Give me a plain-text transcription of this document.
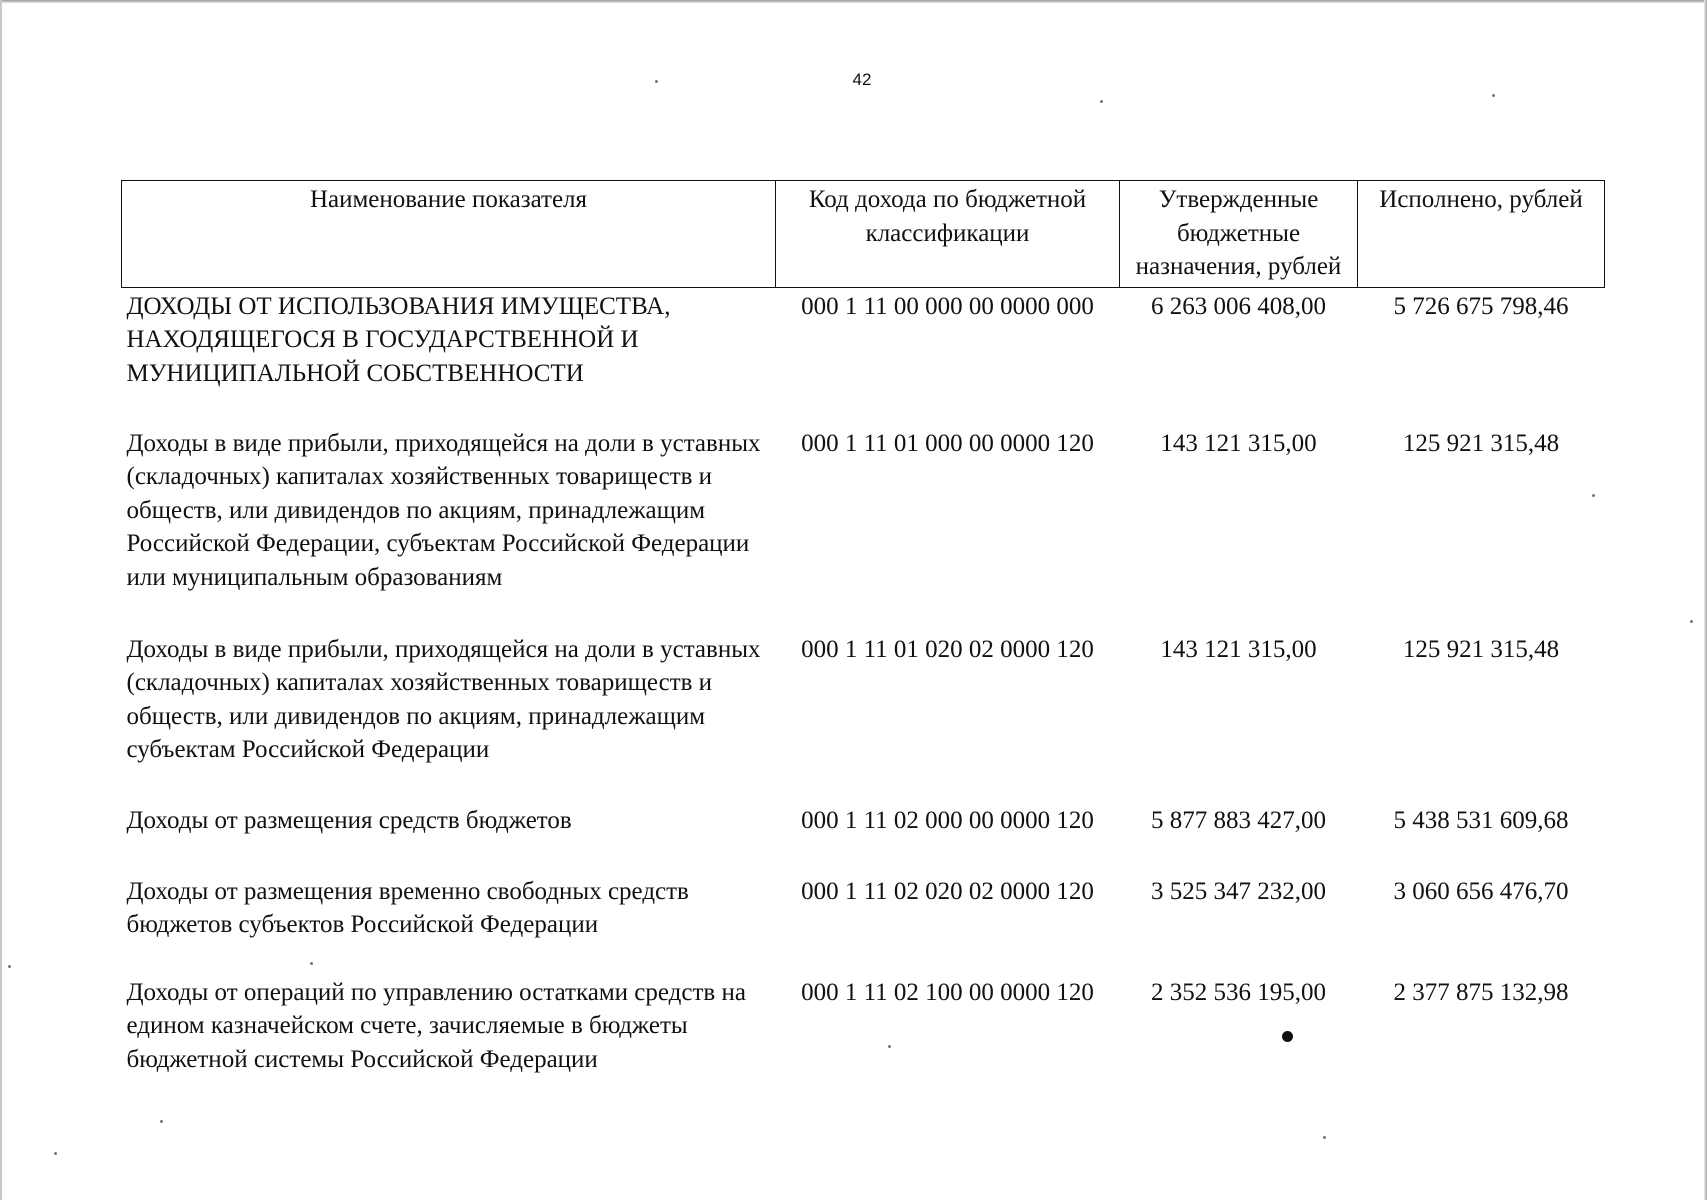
42
Наименование показателя	Код дохода по бюджетной классификации	Утвержденные бюджетные назначения, рублей	Исполнено, рублей
ДОХОДЫ ОТ ИСПОЛЬЗОВАНИЯ ИМУЩЕСТВА, НАХОДЯЩЕГОСЯ В ГОСУДАРСТВЕННОЙ И МУНИЦИПАЛЬНОЙ СОБСТВЕННОСТИ	000 1 11 00 000 00 0000 000	6 263 006 408,00	5 726 675 798,46
Доходы в виде прибыли, приходящейся на доли в уставных (складочных) капиталах хозяйственных товариществ и обществ, или дивидендов по акциям, принадлежащим Российской Федерации, субъектам Российской Федерации или муниципальным образованиям	000 1 11 01 000 00 0000 120	143 121 315,00	125 921 315,48
Доходы в виде прибыли, приходящейся на доли в уставных (складочных) капиталах хозяйственных товариществ и обществ, или дивидендов по акциям, принадлежащим субъектам Российской Федерации	000 1 11 01 020 02 0000 120	143 121 315,00	125 921 315,48
Доходы от размещения средств бюджетов	000 1 11 02 000 00 0000 120	5 877 883 427,00	5 438 531 609,68
Доходы от размещения временно свободных средств бюджетов субъектов Российской Федерации	000 1 11 02 020 02 0000 120	3 525 347 232,00	3 060 656 476,70
Доходы от операций по управлению остатками средств на едином казначейском счете, зачисляемые в бюджеты бюджетной системы Российской Федерации	000 1 11 02 100 00 0000 120	2 352 536 195,00	2 377 875 132,98
